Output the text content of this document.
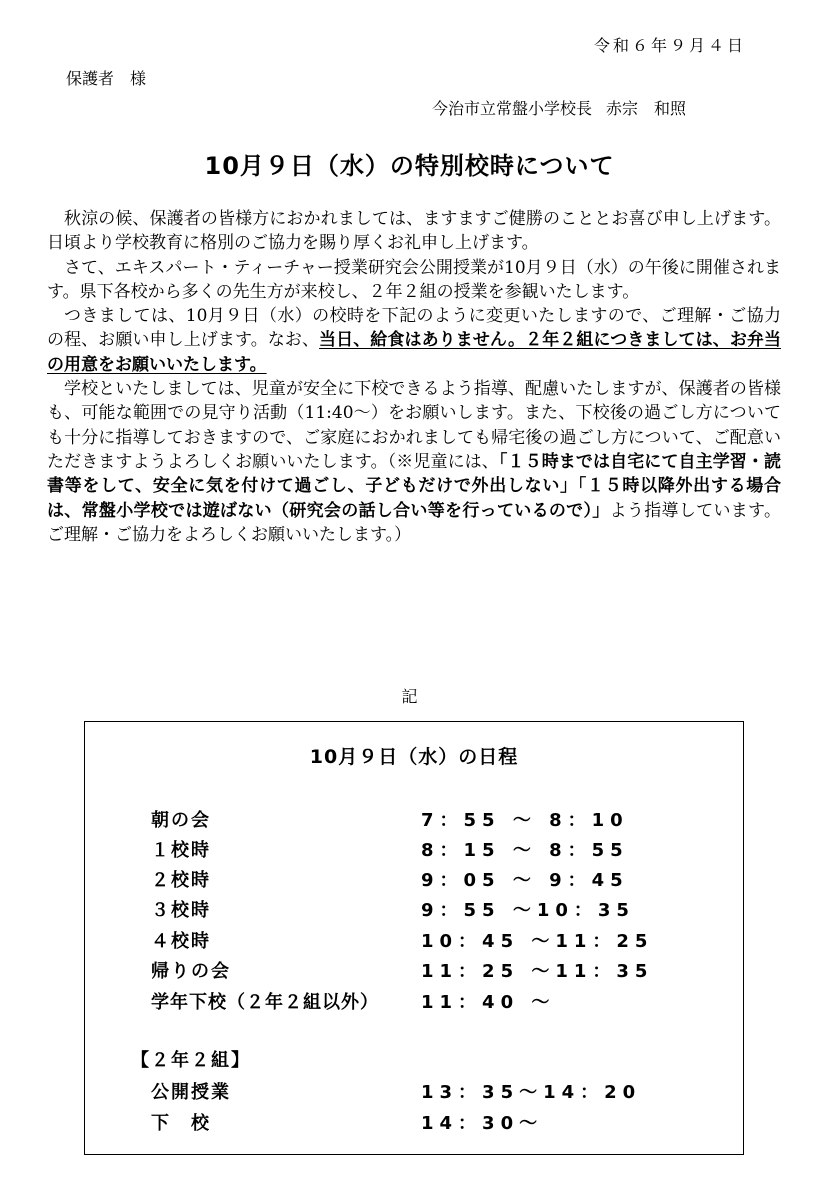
令和６年９月４日
保護者　様
今治市立常盤小学校長 赤宗　和照
10月９日（水）の特別校時について

秋涼の候、保護者の皆様方におかれましては、ますますご健勝のこととお喜び申し上げます。日頃より学校教育に格別のご協力を賜り厚くお礼申し上げます。

さて、エキスパート・ティーチャー授業研究会公開授業が10月９日（水）の午後に開催されます。県下各校から多くの先生方が来校し、２年２組の授業を参観いたします。

つきましては、10月９日（水）の校時を下記のように変更いたしますので、ご理解・ご協力の程、お願い申し上げます。なお、当日、給食はありません。２年２組につきましては、お弁当の用意をお願いいたします。

学校といたしましては、児童が安全に下校できるよう指導、配慮いたしますが、保護者の皆様も、可能な範囲での見守り活動（11:40〜）をお願いします。また、下校後の過ごし方についても十分に指導しておきますので、ご家庭におかれましても帰宅後の過ごし方について、ご配意いただきますようよろしくお願いいたします。（※児童には、「１５時までは自宅にて自主学習・読書等をして、安全に気を付けて過ごし、子どもだけで外出しない」「１５時以降外出する場合は、常盤小学校では遊ばない（研究会の話し合い等を行っているので）」よう指導しています。ご理解・ご協力をよろしくお願いいたします。）

記
10月９日（水）の日程
朝の会	7：55 〜 8：10
１校時	8：15 〜 8：55
２校時	9：05 〜 9：45
３校時	9：55 〜10：35
４校時	10：45 〜11：25
帰りの会	11：25 〜11：35
学年下校（２年２組以外） 11：40 〜
【２年２組】
公開授業	13：35〜14：20
下　校	14：30〜
